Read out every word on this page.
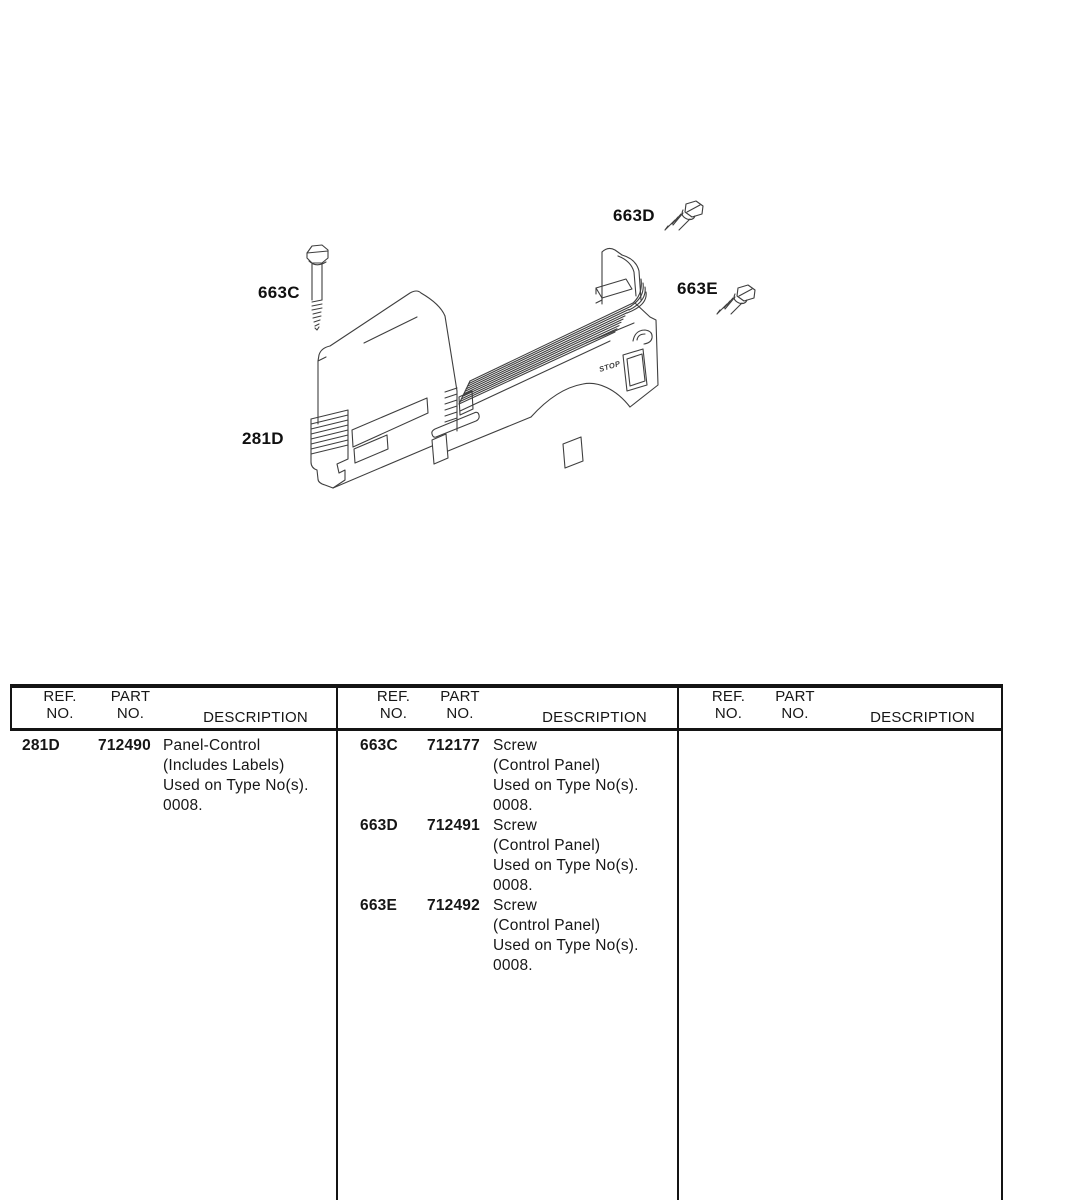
STOP
663D
663C	663E
281D
REF.
NO.
PART
NO.	DESCRIPTION
REF.
NO.
PART
NO.	DESCRIPTION
REF.
NO.
PART
NO.	DESCRIPTION
281D	712490 Panel-Control
(Includes Labels)
Used on Type No(s).
0008.
663C	712177 Screw
(Control Panel)
Used on Type No(s).
0008.
663D	712491 Screw
(Control Panel)
Used on Type No(s).
0008.
663E	712492 Screw
(Control Panel)
Used on Type No(s).
0008.
